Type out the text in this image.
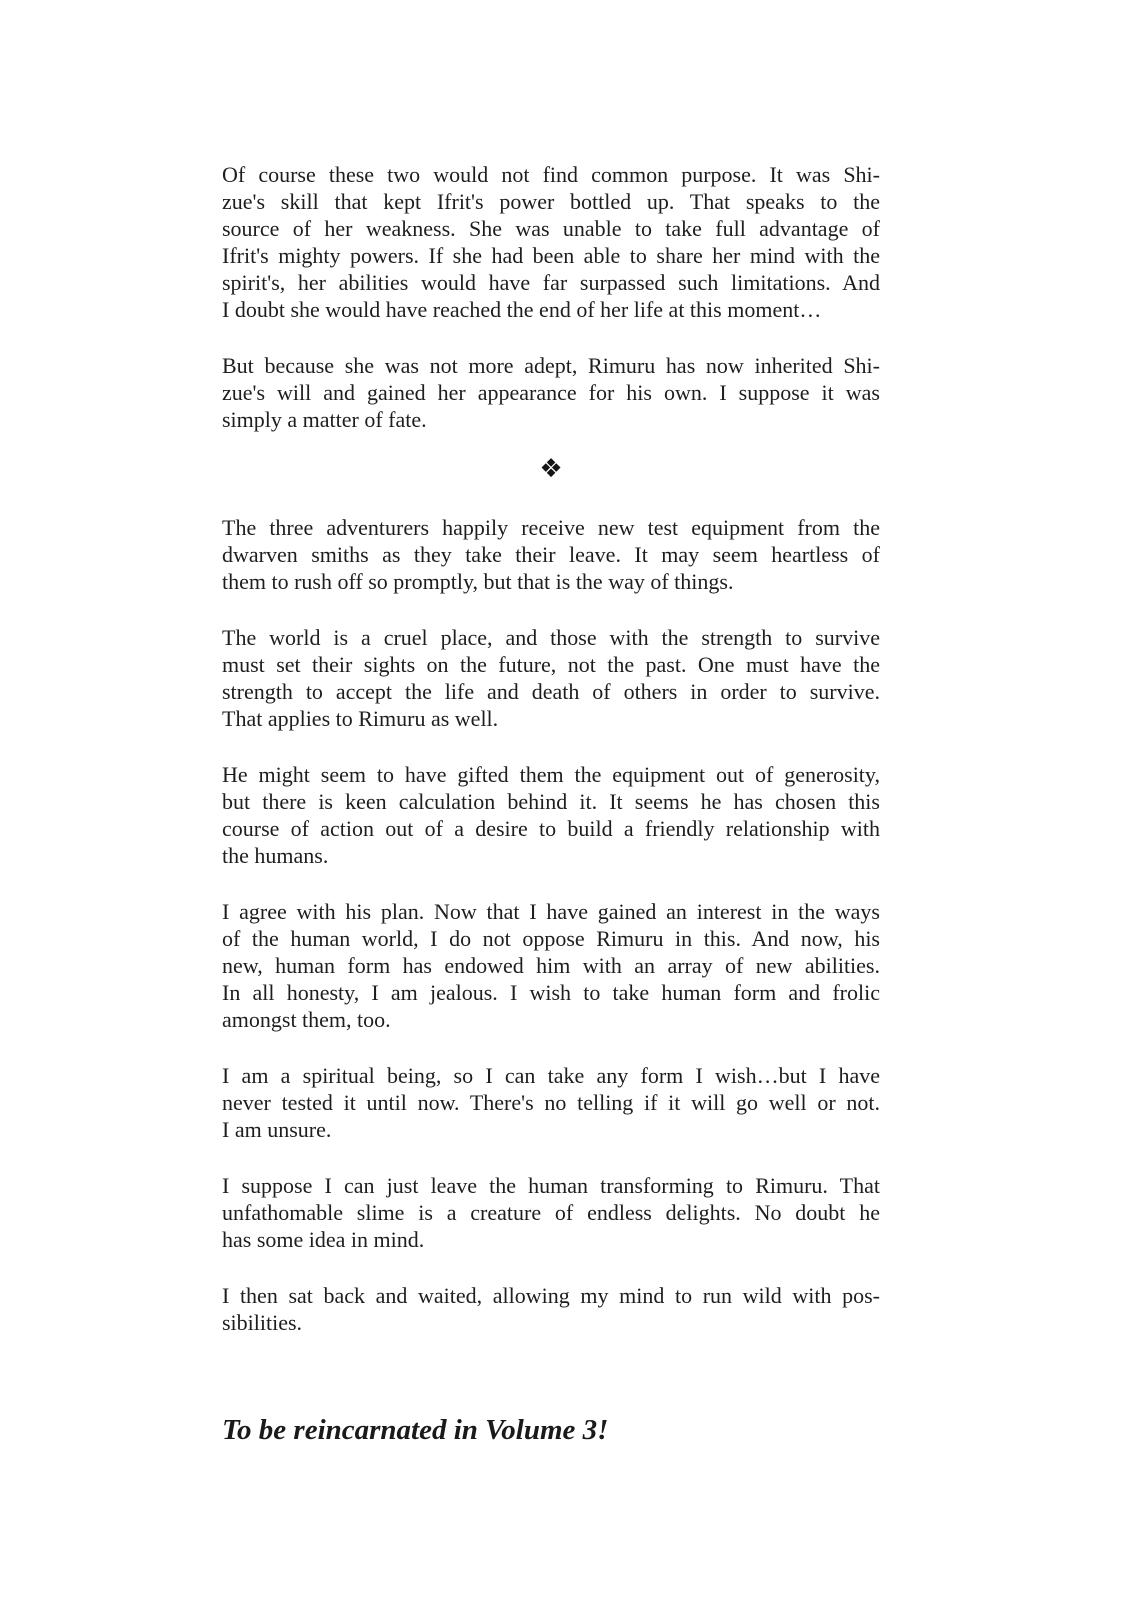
Of course these two would not find common purpose. It was Shi-
zue's skill that kept Ifrit's power bottled up. That speaks to the
source of her weakness. She was unable to take full advantage of
Ifrit's mighty powers. If she had been able to share her mind with the
spirit's, her abilities would have far surpassed such limitations. And
I doubt she would have reached the end of her life at this moment…
But because she was not more adept, Rimuru has now inherited Shi-
zue's will and gained her appearance for his own. I suppose it was
simply a matter of fate.
❖
The three adventurers happily receive new test equipment from the
dwarven smiths as they take their leave. It may seem heartless of
them to rush off so promptly, but that is the way of things.
The world is a cruel place, and those with the strength to survive
must set their sights on the future, not the past. One must have the
strength to accept the life and death of others in order to survive.
That applies to Rimuru as well.
He might seem to have gifted them the equipment out of generosity,
but there is keen calculation behind it. It seems he has chosen this
course of action out of a desire to build a friendly relationship with
the humans.
I agree with his plan. Now that I have gained an interest in the ways
of the human world, I do not oppose Rimuru in this. And now, his
new, human form has endowed him with an array of new abilities.
In all honesty, I am jealous. I wish to take human form and frolic
amongst them, too.
I am a spiritual being, so I can take any form I wish…but I have
never tested it until now. There's no telling if it will go well or not.
I am unsure.
I suppose I can just leave the human transforming to Rimuru. That
unfathomable slime is a creature of endless delights. No doubt he
has some idea in mind.
I then sat back and waited, allowing my mind to run wild with pos-
sibilities.
To be reincarnated in Volume 3!
